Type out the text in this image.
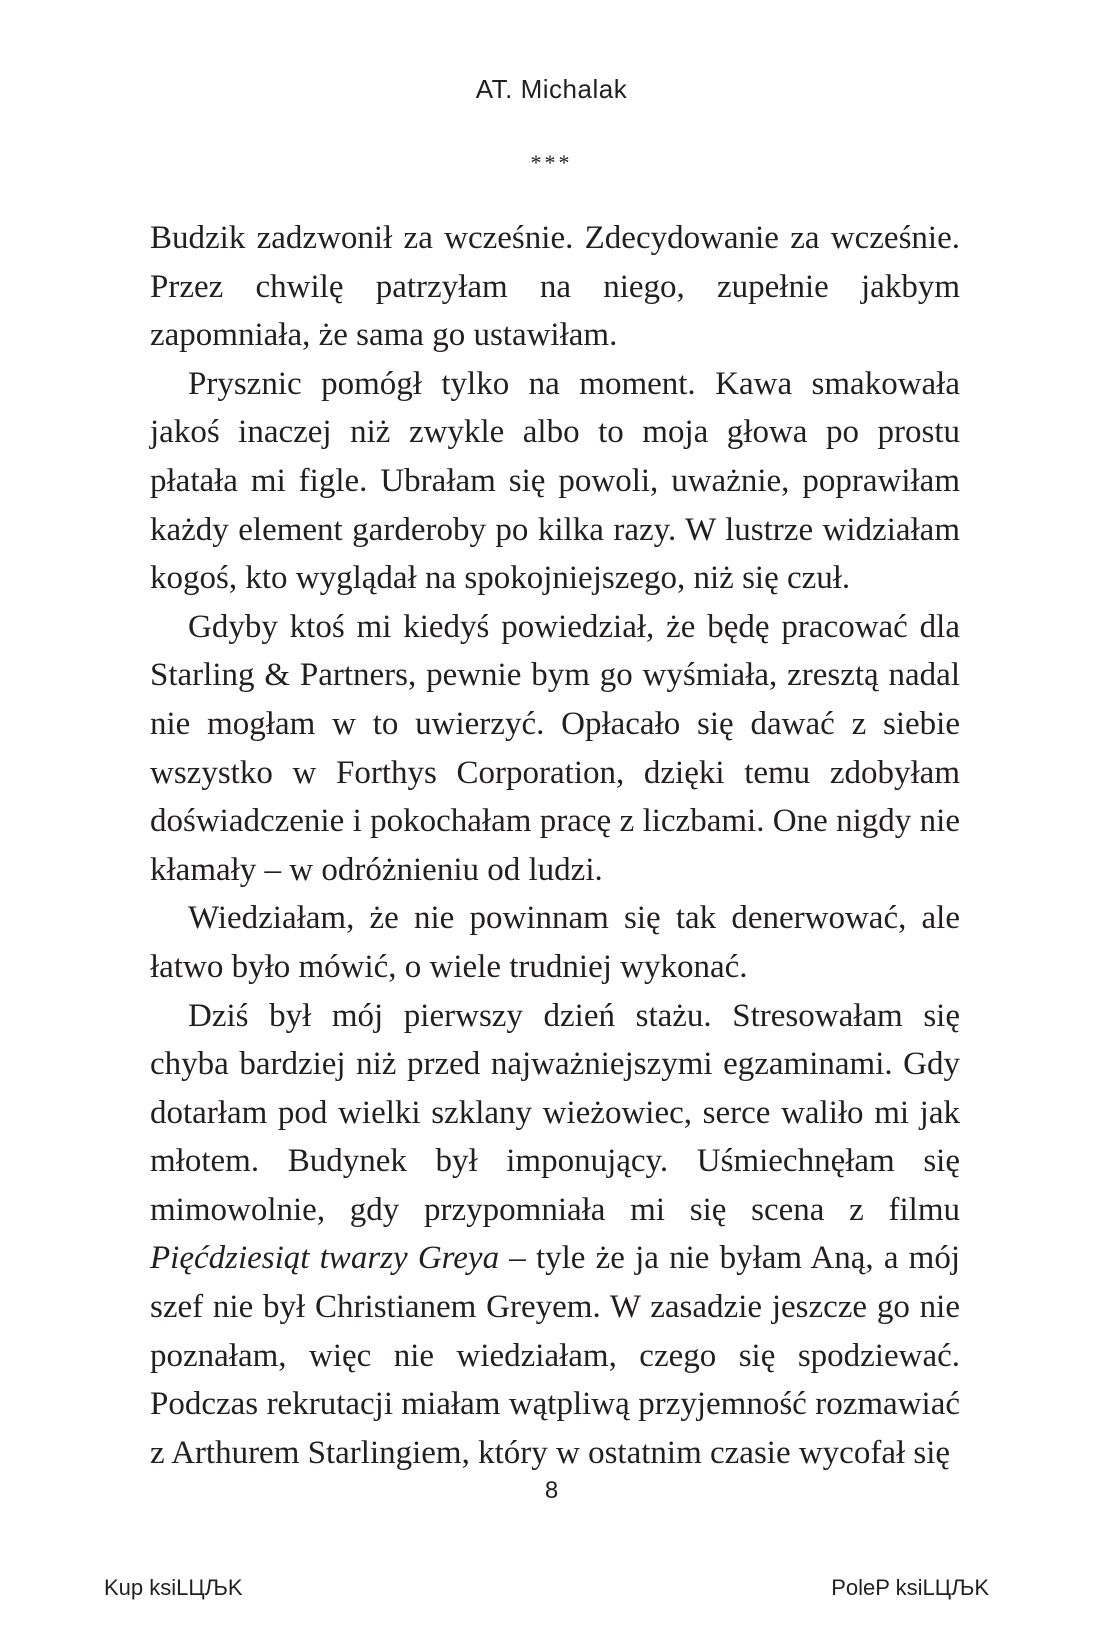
AT. Michalak
***

Budzik zadzwonił za wcześnie. Zdecydowanie za wcześnie. Przez chwilę patrzyłam na niego, zupełnie jakbym zapomniała, że sama go ustawiłam.

Prysznic pomógł tylko na moment. Kawa smakowała jakoś inaczej niż zwykle albo to moja głowa po prostu płatała mi figle. Ubrałam się powoli, uważnie, poprawiłam każdy element garderoby po kilka razy. W lustrze widziałam kogoś, kto wyglądał na spokojniejszego, niż się czuł.

Gdyby ktoś mi kiedyś powiedział, że będę pracować dla Starling & Partners, pewnie bym go wyśmiała, zresztą nadal nie mogłam w to uwierzyć. Opłacało się dawać z siebie wszystko w Forthys Corporation, dzięki temu zdobyłam doświadczenie i pokochałam pracę z liczbami. One nigdy nie kłamały – w odróżnieniu od ludzi.

Wiedziałam, że nie powinnam się tak denerwować, ale łatwo było mówić, o wiele trudniej wykonać.

Dziś był mój pierwszy dzień stażu. Stresowałam się chyba bardziej niż przed najważniejszymi egzaminami. Gdy dotarłam pod wielki szklany wieżowiec, serce waliło mi jak młotem. Budynek był imponujący. Uśmiechnęłam się mimowolnie, gdy przypomniała mi się scena z filmu Pięćdziesiąt twarzy Greya – tyle że ja nie byłam Aną, a mój szef nie był Christianem Greyem. W zasadzie jeszcze go nie poznałam, więc nie wiedziałam, czego się spodziewać. Podczas rekrutacji miałam wątpliwą przyjemność rozmawiać z Arthurem Starlingiem, który w ostatnim czasie wycofał się

8
Kup ksiLЦЉK	PoleP ksiLЦЉK
